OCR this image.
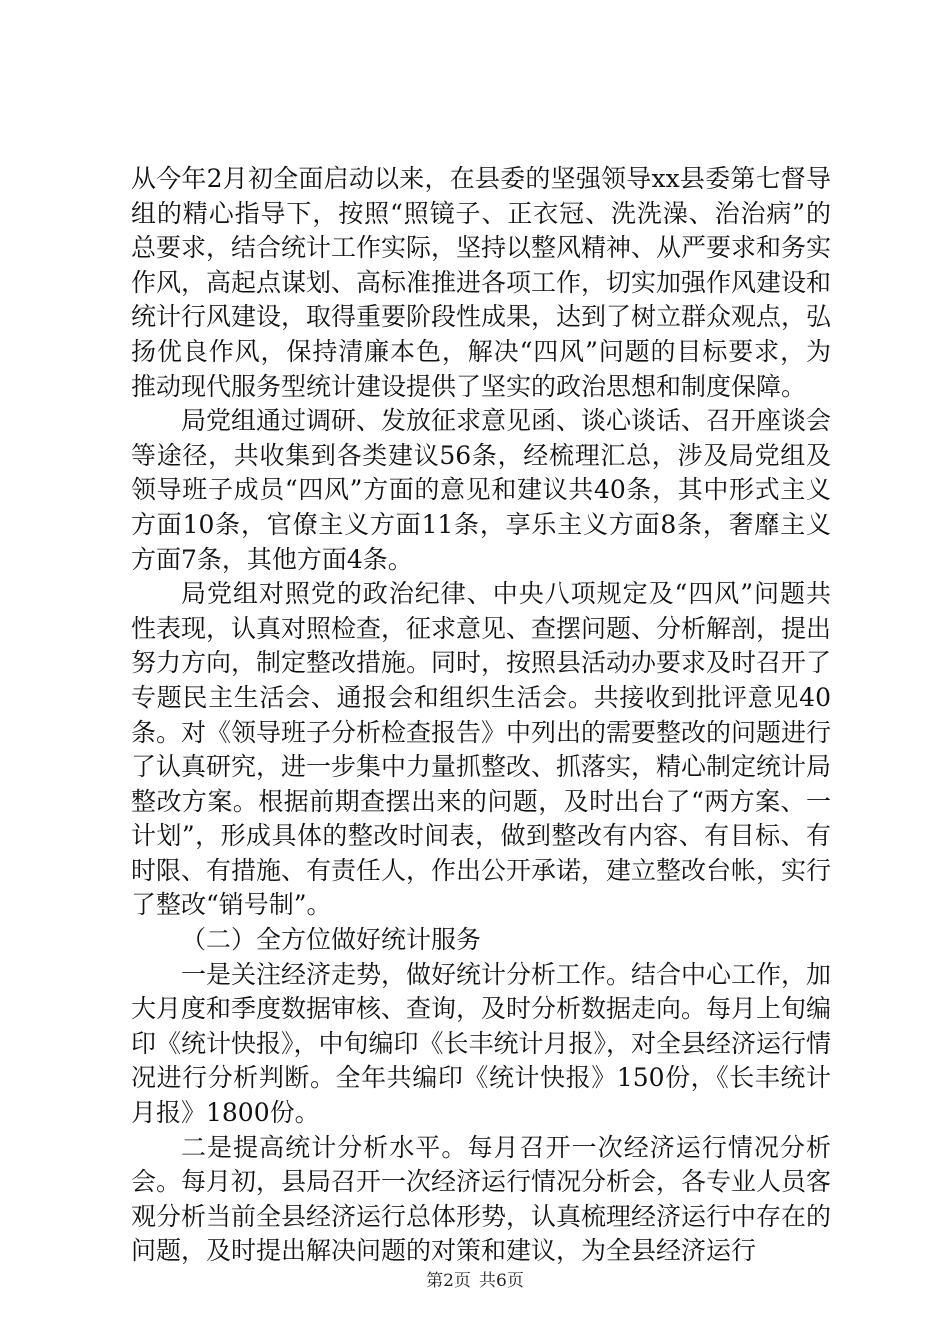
从今年2月初全面启动以来，在县委的坚强领导xx县委第七督导组的精心指导下，按照“照镜子、正衣冠、洗洗澡、治治病”的总要求，结合统计工作实际，坚持以整风精神、从严要求和务实作风，高起点谋划、高标准推进各项工作，切实加强作风建设和统计行风建设，取得重要阶段性成果，达到了树立群众观点，弘扬优良作风，保持清廉本色，解决“四风”问题的目标要求，为推动现代服务型统计建设提供了坚实的政治思想和制度保障。

局党组通过调研、发放征求意见函、谈心谈话、召开座谈会等途径，共收集到各类建议56条，经梳理汇总，涉及局党组及领导班子成员“四风”方面的意见和建议共40条，其中形式主义方面10条，官僚主义方面11条，享乐主义方面8条，奢靡主义方面7条，其他方面4条。

局党组对照党的政治纪律、中央八项规定及“四风”问题共性表现，认真对照检查，征求意见、查摆问题、分析解剖，提出努力方向，制定整改措施。同时，按照县活动办要求及时召开了专题民主生活会、通报会和组织生活会。共接收到批评意见40条。对《领导班子分析检查报告》中列出的需要整改的问题进行了认真研究，进一步集中力量抓整改、抓落实，精心制定统计局整改方案。根据前期查摆出来的问题，及时出台了“两方案、一计划”，形成具体的整改时间表，做到整改有内容、有目标、有时限、有措施、有责任人，作出公开承诺，建立整改台帐，实行了整改“销号制”。

（二）全方位做好统计服务

一是关注经济走势，做好统计分析工作。结合中心工作，加大月度和季度数据审核、查询，及时分析数据走向。每月上旬编印《统计快报》，中旬编印《长丰统计月报》，对全县经济运行情况进行分析判断。全年共编印《统计快报》150份，《长丰统计月报》1800份。

二是提高统计分析水平。每月召开一次经济运行情况分析会。每月初，县局召开一次经济运行情况分析会，各专业人员客观分析当前全县经济运行总体形势，认真梳理经济运行中存在的问题，及时提出解决问题的对策和建议，为全县经济运行

第2页 共6页
